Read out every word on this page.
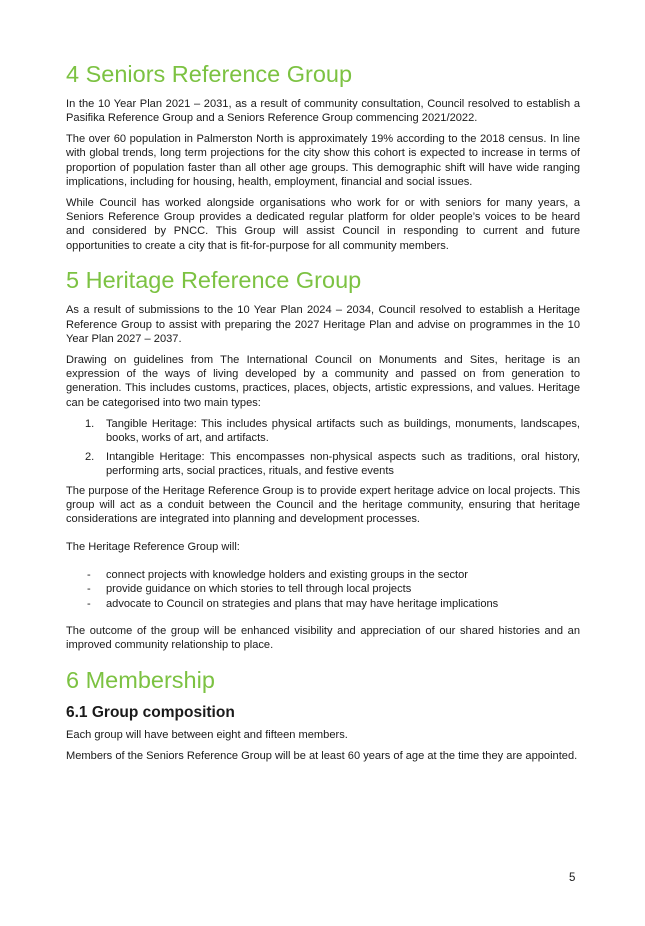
4 Seniors Reference Group

In the 10 Year Plan 2021 – 2031, as a result of community consultation, Council resolved to establish a Pasifika Reference Group and a Seniors Reference Group commencing 2021/2022.

The over 60 population in Palmerston North is approximately 19% according to the 2018 census. In line with global trends, long term projections for the city show this cohort is expected to increase in terms of proportion of population faster than all other age groups. This demographic shift will have wide ranging implications, including for housing, health, employment, financial and social issues.

While Council has worked alongside organisations who work for or with seniors for many years, a Seniors Reference Group provides a dedicated regular platform for older people’s voices to be heard and considered by PNCC. This Group will assist Council in responding to current and future opportunities to create a city that is fit-for-purpose for all community members.

5 Heritage Reference Group

As a result of submissions to the 10 Year Plan 2024 – 2034, Council resolved to establish a Heritage Reference Group to assist with preparing the 2027 Heritage Plan and advise on programmes in the 10 Year Plan 2027 – 2037.

Drawing on guidelines from The International Council on Monuments and Sites, heritage is an expression of the ways of living developed by a community and passed on from generation to generation. This includes customs, practices, places, objects, artistic expressions, and values. Heritage can be categorised into two main types:

1. Tangible Heritage: This includes physical artifacts such as buildings, monuments, landscapes, books, works of art, and artifacts.
2. Intangible Heritage: This encompasses non-physical aspects such as traditions, oral history, performing arts, social practices, rituals, and festive events

The purpose of the Heritage Reference Group is to provide expert heritage advice on local projects. This group will act as a conduit between the Council and the heritage community, ensuring that heritage considerations are integrated into planning and development processes.

The Heritage Reference Group will:

- connect projects with knowledge holders and existing groups in the sector
- provide guidance on which stories to tell through local projects
- advocate to Council on strategies and plans that may have heritage implications

The outcome of the group will be enhanced visibility and appreciation of our shared histories and an improved community relationship to place.

6 Membership
6.1 Group composition

Each group will have between eight and fifteen members.

Members of the Seniors Reference Group will be at least 60 years of age at the time they are appointed.

5
